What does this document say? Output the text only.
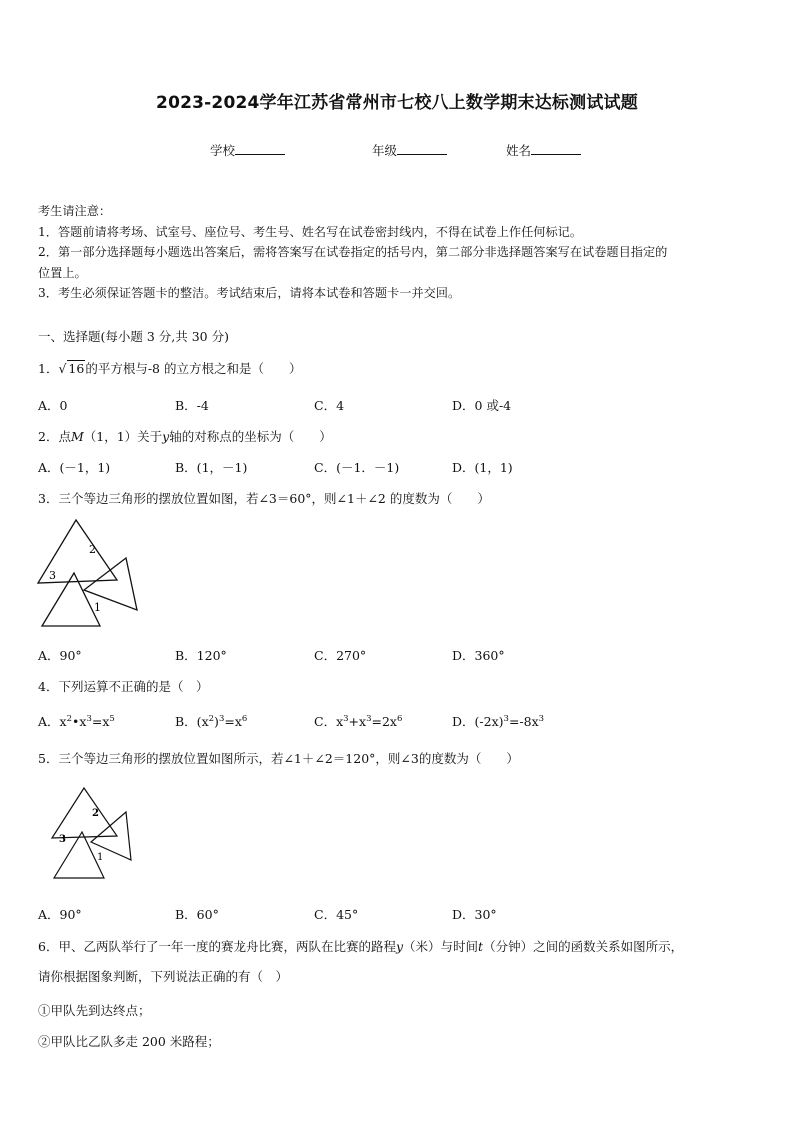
2023-2024学年江苏省常州市七校八上数学期末达标测试试题
学校	年级	姓名
考生请注意：
1．答题前请将考场、试室号、座位号、考生号、姓名写在试卷密封线内，不得在试卷上作任何标记。
2．第一部分选择题每小题选出答案后，需将答案写在试卷指定的括号内，第二部分非选择题答案写在试卷题目指定的
位置上。
3．考生必须保证答题卡的整洁。考试结束后，请将本试卷和答题卡一并交回。
一、选择题(每小题 3 分,共 30 分)
1．√ 16的平方根与-8 的立方根之和是（　　）
A．0	B．-4	C．4	D．0 或-4
2．点M（1，1）关于y轴的对称点的坐标为（　　）
A．(－1，1)	B．(1，－1)	C．(－1．－1)	D．(1，1)
3．三个等边三角形的摆放位置如图，若∠3＝60°，则∠1＋∠2 的度数为（　　）
2
3
1
A．90°	B．120°	C．270°	D．360°
4．下列运算不正确的是（　）
A．$x^2•x^3=x^5$	B．$(x^2)^3=x^6$	C．$x^3+x^3=2x^6$	D．$(-2x)^3=-8x^3$
5．三个等边三角形的摆放位置如图所示，若∠1＋∠2＝120°，则∠3的度数为（　　）
2
3
1
A．90°	B．60°	C．45°	D．30°
6．甲、乙两队举行了一年一度的赛龙舟比赛，两队在比赛的路程y（米）与时间t（分钟）之间的函数关系如图所示，
请你根据图象判断，下列说法正确的有（　）
①甲队先到达终点；
②甲队比乙队多走 200 米路程；
